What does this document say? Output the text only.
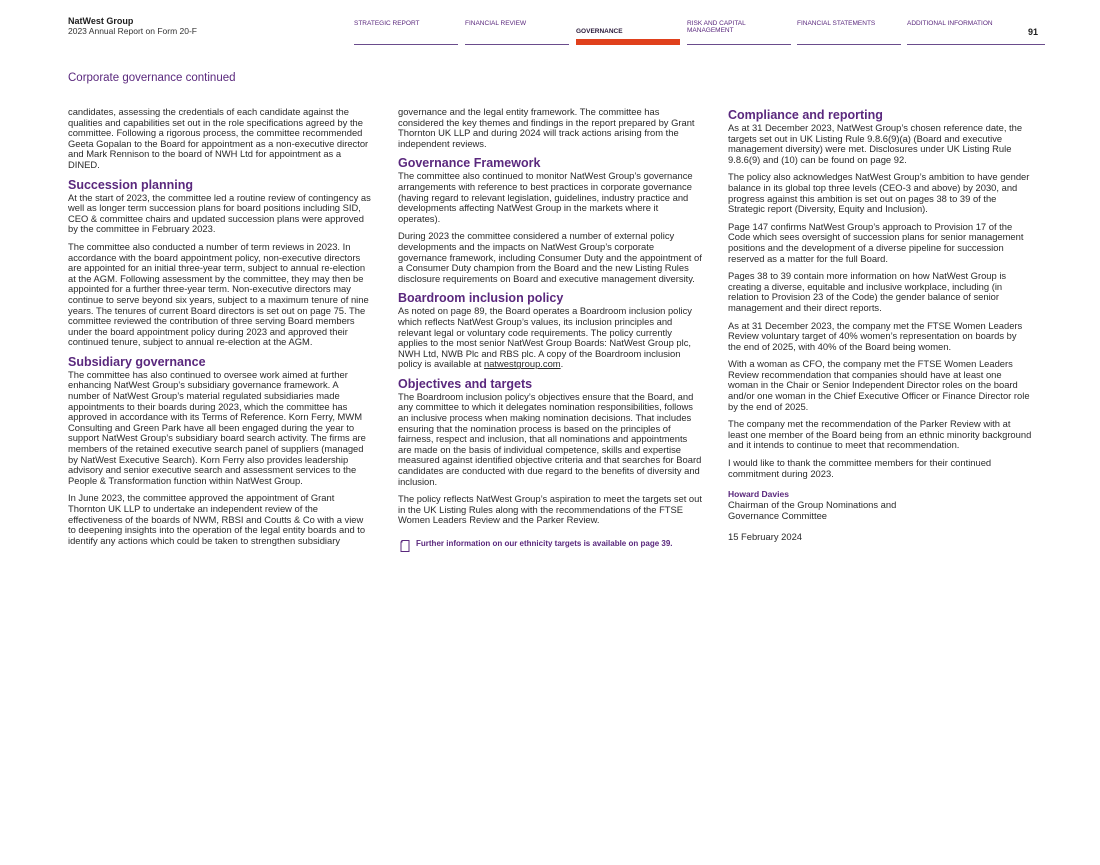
NatWest Group
2023 Annual Report on Form 20-F
STRATEGIC REPORT	FINANCIAL REVIEW
GOVERNANCE
RISK AND CAPITAL MANAGEMENT
FINANCIAL STATEMENTS	ADDITIONAL INFORMATION
91
Corporate governance continued

candidates, assessing the credentials of each candidate against the qualities and capabilities set out in the role specifications agreed by the committee. Following a rigorous process, the committee recommended Geeta Gopalan to the Board for appointment as a non-executive director and Mark Rennison to the board of NWH Ltd for appointment as a DINED.

Succession planning

At the start of 2023, the committee led a routine review of contingency as well as longer term succession plans for board positions including SID, CEO & committee chairs and updated succession plans were approved by the committee in February 2023.

The committee also conducted a number of term reviews in 2023. In accordance with the board appointment policy, non-executive directors are appointed for an initial three-year term, subject to annual re-election at the AGM. Following assessment by the committee, they may then be appointed for a further three-year term. Non-executive directors may continue to serve beyond six years, subject to a maximum tenure of nine years. The tenures of current Board directors is set out on page 75. The committee reviewed the contribution of three serving Board members under the board appointment policy during 2023 and approved their continued tenure, subject to annual re-election at the AGM.

Subsidiary governance

The committee has also continued to oversee work aimed at further enhancing NatWest Group’s subsidiary governance framework. A number of NatWest Group’s material regulated subsidiaries made appointments to their boards during 2023, which the committee has approved in accordance with its Terms of Reference. Korn Ferry, MWM Consulting and Green Park have all been engaged during the year to support NatWest Group’s subsidiary board search activity. The firms are members of the retained executive search panel of suppliers (managed by NatWest Executive Search). Korn Ferry also provides leadership advisory and senior executive search and assessment services to the People & Transformation function within NatWest Group.

In June 2023, the committee approved the appointment of Grant Thornton UK LLP to undertake an independent review of the effectiveness of the boards of NWM, RBSI and Coutts & Co with a view to deepening insights into the operation of the legal entity boards and to identify any actions which could be taken to strengthen subsidiary

governance and the legal entity framework. The committee has considered the key themes and findings in the report prepared by Grant Thornton UK LLP and during 2024 will track actions arising from the independent reviews.

Governance Framework

The committee also continued to monitor NatWest Group’s governance arrangements with reference to best practices in corporate governance (having regard to relevant legislation, guidelines, industry practice and developments affecting NatWest Group in the markets where it operates).

During 2023 the committee considered a number of external policy developments and the impacts on NatWest Group’s corporate governance framework, including Consumer Duty and the appointment of a Consumer Duty champion from the Board and the new Listing Rules disclosure requirements on Board and executive management diversity.

Boardroom inclusion policy

As noted on page 89, the Board operates a Boardroom inclusion policy which reflects NatWest Group’s values, its inclusion principles and relevant legal or voluntary code requirements. The policy currently applies to the most senior NatWest Group Boards: NatWest Group plc, NWH Ltd, NWB Plc and RBS plc. A copy of the Boardroom inclusion policy is available at natwestgroup.com.

Objectives and targets

The Boardroom inclusion policy’s objectives ensure that the Board, and any committee to which it delegates nomination responsibilities, follows an inclusive process when making nomination decisions. That includes ensuring that the nomination process is based on the principles of fairness, respect and inclusion, that all nominations and appointments are made on the basis of individual competence, skills and expertise measured against identified objective criteria and that searches for Board candidates are conducted with due regard to the benefits of diversity and inclusion.

The policy reflects NatWest Group’s aspiration to meet the targets set out in the UK Listing Rules along with the recommendations of the FTSE Women Leaders Review and the Parker Review.

Further information on our ethnicity targets is available on page 39.
Compliance and reporting

As at 31 December 2023, NatWest Group’s chosen reference date, the targets set out in UK Listing Rule 9.8.6(9)(a) (Board and executive management diversity) were met. Disclosures under UK Listing Rule 9.8.6(9) and (10) can be found on page 92.

The policy also acknowledges NatWest Group’s ambition to have gender balance in its global top three levels (CEO-3 and above) by 2030, and progress against this ambition is set out on pages 38 to 39 of the Strategic report (Diversity, Equity and Inclusion).

Page 147 confirms NatWest Group’s approach to Provision 17 of the Code which sees oversight of succession plans for senior management positions and the development of a diverse pipeline for succession reserved as a matter for the full Board.

Pages 38 to 39 contain more information on how NatWest Group is creating a diverse, equitable and inclusive workplace, including (in relation to Provision 23 of the Code) the gender balance of senior management and their direct reports.

As at 31 December 2023, the company met the FTSE Women Leaders Review voluntary target of 40% women’s representation on boards by the end of 2025, with 40% of the Board being women.

With a woman as CFO, the company met the FTSE Women Leaders Review recommendation that companies should have at least one woman in the Chair or Senior Independent Director roles on the board and/or one woman in the Chief Executive Officer or Finance Director role by the end of 2025.

The company met the recommendation of the Parker Review with at least one member of the Board being from an ethnic minority background and it intends to continue to meet that recommendation.

I would like to thank the committee members for their continued commitment during 2023.

Howard Davies
Chairman of the Group Nominations and
Governance Committee
15 February 2024
